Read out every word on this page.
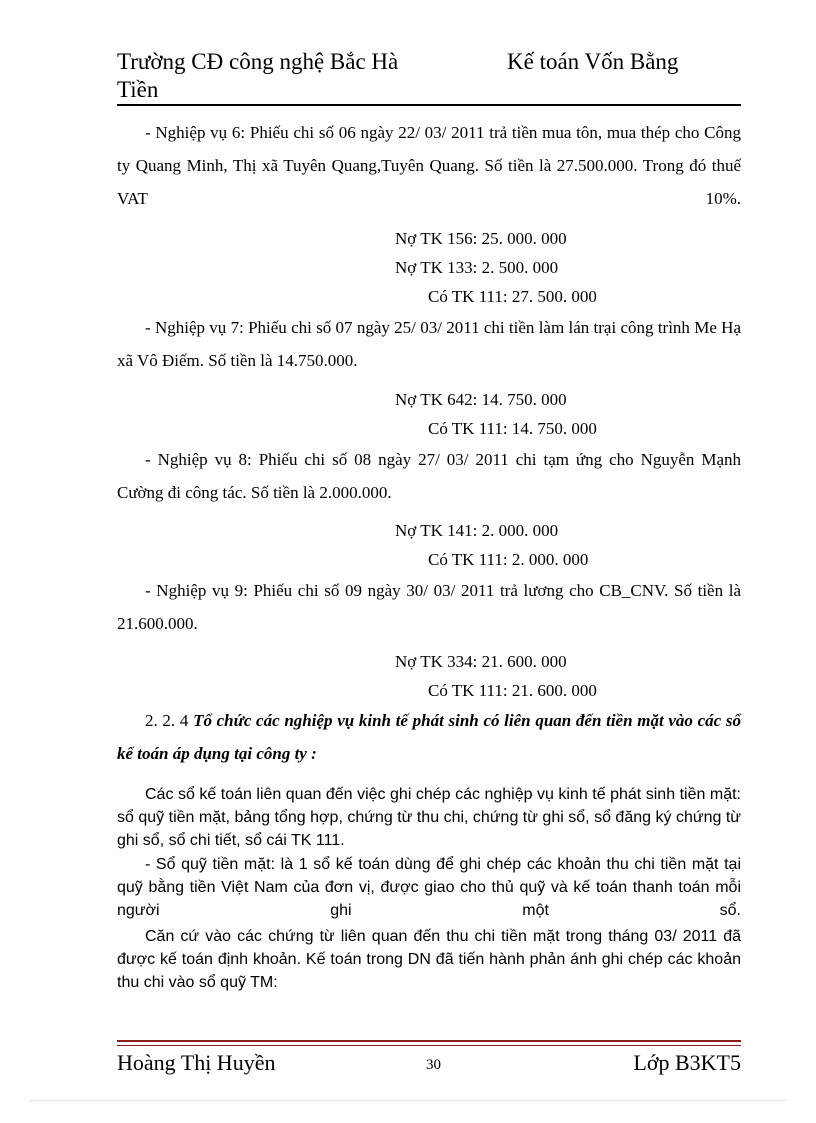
Trường CĐ công nghệ Bắc Hà	Kế toán Vốn Bằng
Tiền
- Nghiệp vụ 6: Phiếu chi số 06 ngày 22/ 03/ 2011 trả tiền mua tôn, mua thép cho Công ty Quang Minh, Thị xã Tuyên Quang,Tuyên Quang. Số tiền là 27.500.000. Trong đó thuế VAT 10%.
Nợ TK 156: 25. 000. 000
Nợ TK 133: 2. 500. 000
Có TK 111: 27. 500. 000
- Nghiệp vụ 7: Phiếu chi số 07 ngày 25/ 03/ 2011 chi tiền làm lán trại công trình Me Hạ xã Vô Điếm. Số tiền là 14.750.000.
Nợ TK 642: 14. 750. 000
Có TK 111: 14. 750. 000
- Nghiệp vụ 8: Phiếu chi số 08 ngày 27/ 03/ 2011 chi tạm ứng cho Nguyễn Mạnh Cường đi công tác. Số tiền là 2.000.000.
Nợ TK 141: 2. 000. 000
Có TK 111: 2. 000. 000
- Nghiệp vụ 9: Phiếu chi số 09 ngày 30/ 03/ 2011 trả lương cho CB_CNV. Số tiền là 21.600.000.
Nợ TK 334: 21. 600. 000
Có TK 111: 21. 600. 000
2. 2. 4 Tổ chức các nghiệp vụ kinh tế phát sinh có liên quan đến tiền mặt vào các sổ kế toán áp dụng tại công ty :
Các sổ kế toán liên quan đến việc ghi chép các nghiệp vụ kinh tế phát sinh tiền mặt: sổ quỹ tiền mặt, bảng tổng hợp, chứng từ thu chi, chứng từ ghi sổ, sổ đăng ký chứng từ ghi sổ, sổ chi tiết, sổ cái TK 111.
- Sổ quỹ tiền mặt: là 1 sổ kế toán dùng để ghi chép các khoản thu chi tiền mặt tại quỹ bằng tiền Việt Nam của đơn vị, được giao cho thủ quỹ và kế toán thanh toán mỗi người ghi một sổ.
Căn cứ vào các chứng từ liên quan đến thu chi tiền mặt trong tháng 03/ 2011 đã được kế toán định khoản. Kế toán trong DN đã tiến hành phản ánh ghi chép các khoản thu chi vào sổ quỹ TM:
Hoàng Thị Huyền	30	Lớp B3KT5
